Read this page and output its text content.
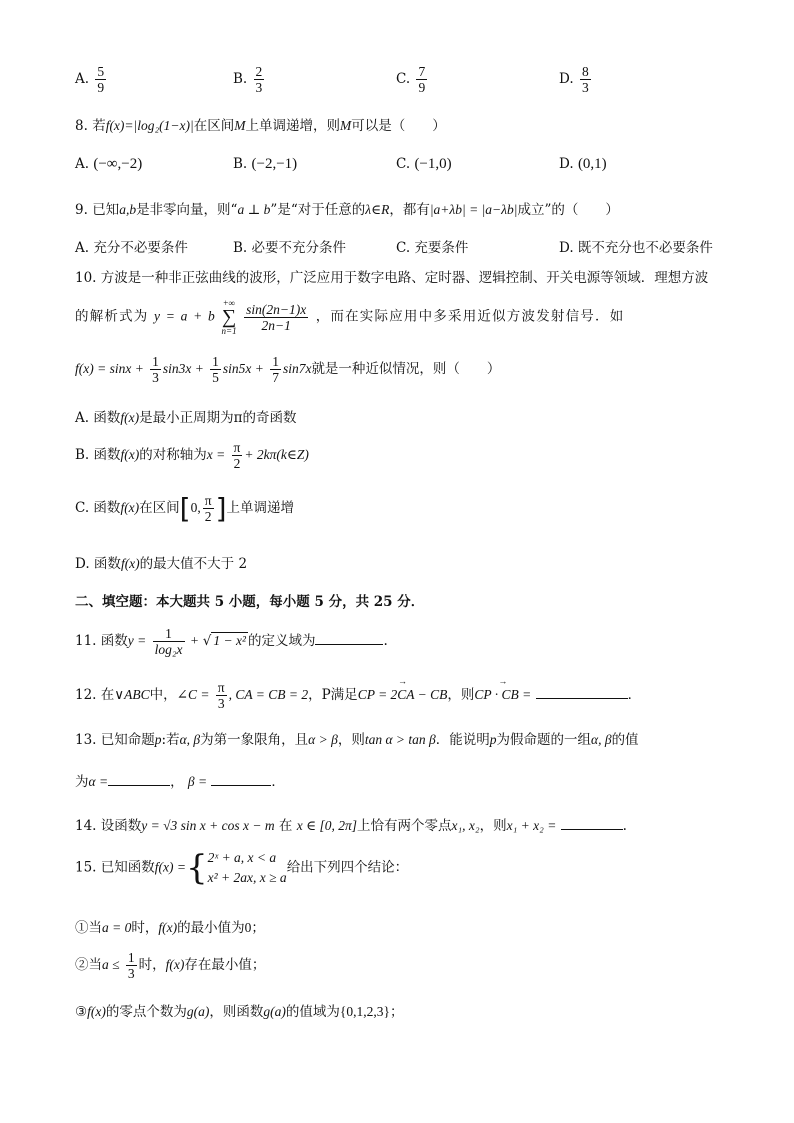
A. $\frac{5}{9}$	B. $\frac{2}{3}$	C. $\frac{7}{9}$	D. $\frac{8}{3}$
8. 若f(x)=|log₂(1−x)|在区间M上单调递增，则M可以是（　　）
A. (−∞,−2)	B. (−2,−1)	C. (−1,0)	D. (0,1)
9. 已知a,b是非零向量，则“a ⊥ b”是“对于任意的λ∈R，都有|a+λb| = |a−λb|成立”的（　　）
A. 充分不必要条件	B. 必要不充分条件	C. 充要条件	D. 既不充分也不必要条件
10. 方波是一种非正弦曲线的波形，广泛应用于数字电路、定时器、逻辑控制、开关电源等领域．理想方波
的解析式为 y = a + b
+∞
∑
n=1
$\frac{\sin(2n-1)x}{2n-1}$ ，而在实际应用中多采用近似方波发射信号．如
$f(x) = \sin x + \frac{1}{3} \sin 3x + \frac{1}{5} \sin 5x + \frac{1}{7} \sin 7x$就是一种近似情况，则（　　）
A. 函数f(x)是最小正周期为π的奇函数
B. 函数f(x)的对称轴为$x = \frac{\pi}{2}$ + 2kπ(k∈Z)
C. 函数f(x)在区间[0, $\frac{\pi}{2}$ ]上单调递增
D. 函数f(x)的最大值不大于 2
二、填空题：本大题共 5 小题，每小题 5 分，共 25 分．
11. 函数$y = \frac{1}{\text{log₂x}}$ + √ 1 − x² 的定义域为	.
12. 在∨ABC中，∠C = $\frac{\pi}{3}$ , CA = CB = 2，P满足→ CP = 2CA − CB，则→ CP · CB =	．
13. 已知命题p:若α, β为第一象限角，且α > β，则tan α > tan β．能说明p为假命题的一组α, β的值
为α =	， β =	．
14. 设函数y = √3 sin x + cos x − m 在 x ∈ [0, 2π]上恰有两个零点x₁, x₂，则x₁ + x₂ =	.
15. 已知函数f(x) ={ 2ˣ + a, x < a
x² + 2ax, x ≥ a
给出下列四个结论：
①当a = 0时，f(x)的最小值为0；
②当$a \le \frac{1}{3}$ 时，f(x)存在最小值；
③f(x)的零点个数为g(a)，则函数g(a)的值域为{0,1,2,3}；
